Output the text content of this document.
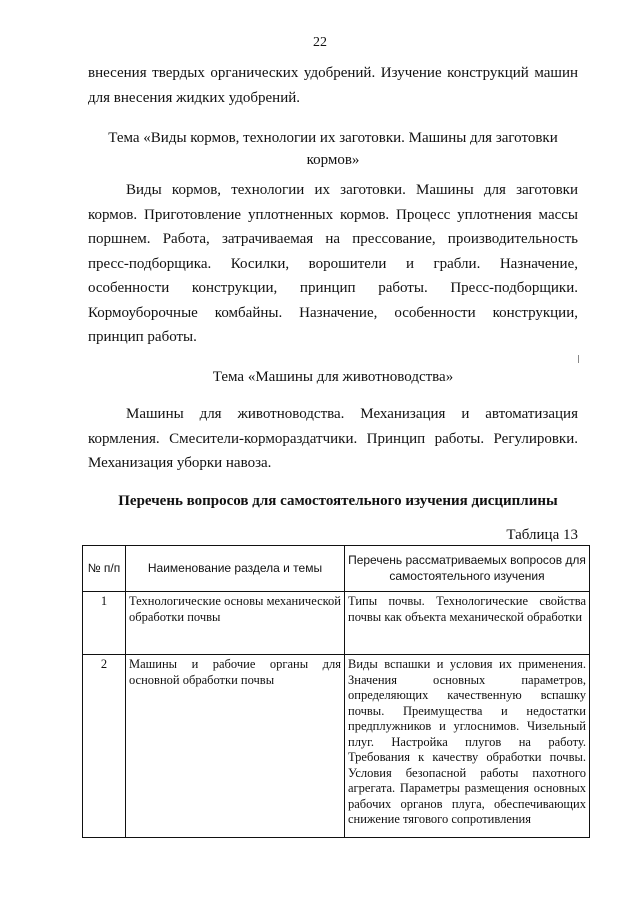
22

внесения твердых органических удобрений. Изучение конструкций машин для внесения жидких удобрений.

Тема «Виды кормов, технологии их заготовки. Машины для заготовки кормов»

Виды кормов, технологии их заготовки. Машины для заготовки кормов. Приготовление уплотненных кормов. Процесс уплотнения массы поршнем. Работа, затрачиваемая на прессование, производительность пресс-подборщика. Косилки, ворошители и грабли. Назначение, особенности конструкции, принцип работы. Пресс-подборщики. Кормоуборочные комбайны. Назначение, особенности конструкции, принцип работы.

Тема «Машины для животноводства»

Машины для животноводства. Механизация и автоматизация кормления. Смесители-кормораздатчики. Принцип работы. Регулировки. Механизация уборки навоза.

Перечень вопросов для самостоятельного изучения дисциплины

Таблица 13
№ п/п	Наименование раздела и темы	Перечень рассматриваемых вопросов для самостоятельного изучения
1	Технологические основы механической обработки почвы	Типы почвы. Технологические свойства почвы как объекта механической обработки
2	Машины и рабочие органы для основной обработки почвы	Виды вспашки и условия их применения. Значения основных параметров, определяющих качественную вспашку почвы. Преимущества и недостатки предплужников и углоснимов. Чизельный плуг. Настройка плугов на работу. Требования к качеству обработки почвы. Условия безопасной работы пахотного агрегата. Параметры размещения основных рабочих органов плуга, обеспечивающих снижение тягового сопротивления
